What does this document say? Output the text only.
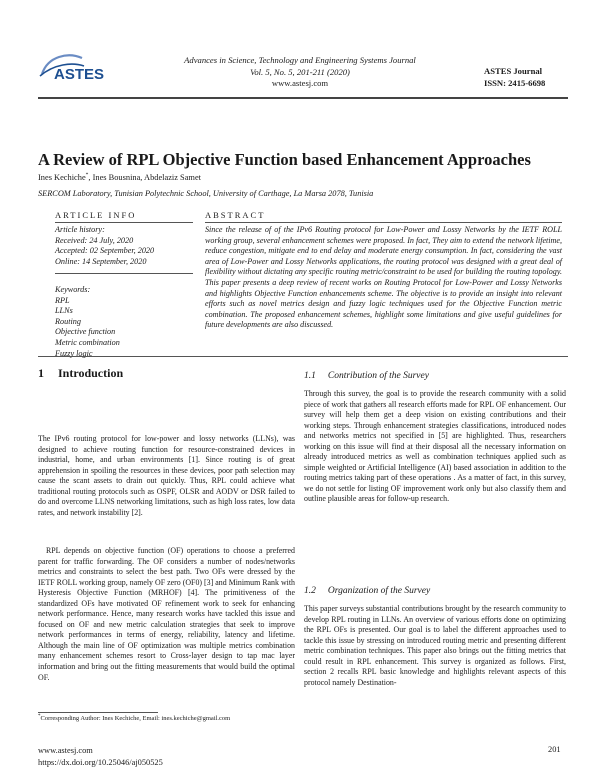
ASTES
Advances in Science, Technology and Engineering Systems Journal
Vol. 5, No. 5, 201-211 (2020)
www.astesj.com
ASTES Journal
ISSN: 2415-6698
A Review of RPL Objective Function based Enhancement Approaches
Ines Kechiche*, Ines Bousnina, Abdelaziz Samet
SERCOM Laboratory, Tunisian Polytechnic School, University of Carthage, La Marsa 2078, Tunisia
ARTICLE INFO	ABSTRACT
Article history:
Received: 24 July, 2020
Accepted: 02 September, 2020
Online: 14 September, 2020
Keywords:
RPL
LLNs
Routing
Objective function
Metric combination
Fuzzy logic

Since the release of of the IPv6 Routing protocol for Low-Power and Lossy Networks by the IETF ROLL working group, several enhancement schemes were proposed. In fact, They aim to extend the network lifetime, reduce congestion, mitigate end to end delay and moderate energy consumption. In fact, considering the vast area of Low-Power and Lossy Networks applications, the routing protocol was designed with a great deal of flexibility without dictating any specific routing metric/constraint to be used for building the routing topology. This paper presents a deep review of recent works on Routing Protocol for Low-Power and Lossy Networks and highlights Objective Function enhancements scheme. The objective is to provide an insight into relevant efforts such as novel metrics design and fuzzy logic techniques used for the Objective Function metric combination. The proposed enhancement schemes, highlight some limitations and give useful guidelines for future developments are also discussed.

1 Introduction

The IPv6 routing protocol for low-power and lossy networks (LLNs), was designed to achieve routing function for resource-constrained devices in industrial, home, and urban environments [1]. Since routing is of great apprehension in spoiling the resources in these devices, poor path selection may cause the scant assets to drain out quickly. Thus, RPL could achieve what traditional routing protocols such as OSPF, OLSR and AODV or DSR failed to do and overcome LLNS networking limitations, such as high loss rates, low data rates, and network instability [2].

RPL depends on objective function (OF) operations to choose a preferred parent for traffic forwarding. The OF considers a number of nodes/networks metrics and constraints to select the best path. Two OFs were dressed by the IETF ROLL working group, namely OF zero (OF0) [3] and Minimum Rank with Hysteresis Objective Function (MRHOF) [4]. The primitiveness of the standardized OFs have motivated OF refinement work to seek for enhancing network performance. Hence, many research works have tackled this issue and focused on OF and new metric calculation strategies that seek to improve network performances in terms of energy, reliability, latency and lifetime. Although the main line of OF optimization was multiple metrics combination many enhancement schemes resort to Cross-layer design to tap mac layer information and bring out the fitting measurements that would build the optimal OF.

1.1 Contribution of the Survey

Through this survey, the goal is to provide the research community with a solid piece of work that gathers all research efforts made for RPL OF enhancement. Our survey will help them get a deep vision on existing contributions and their working steps. Through enhancement strategies classifications, introduced nodes and networks metrics not specified in [5] are highlighted. Thus, researchers working on this issue will find at their disposal all the necessary information on already introduced metrics as well as combination techniques applied such as simple weighted or Artificial Intelligence (AI) based association in addition to the routing metrics taking part of these operations . As a matter of fact, in this survey, we do not settle for listing OF improvement work only but also classify them and outline plausible areas for follow-up research.

1.2 Organization of the Survey

This paper surveys substantial contributions brought by the research community to develop RPL routing in LLNs. An overview of various efforts done on optimizing the RPL OFs is presented. Our goal is to label the different approaches used to tackle this issue by stressing on introduced routing metric and presenting different metric combination techniques. This paper also brings out the fitting metrics that could result in RPL enhancement. This survey is organized as follows. First, section 2 recalls RPL basic knowledge and highlights relevant aspects of this protocol namely Destination-

*Corresponding Author: Ines Kechiche, Email: ines.kechiche@gmail.com
www.astesj.com
https://dx.doi.org/10.25046/aj050525
201
